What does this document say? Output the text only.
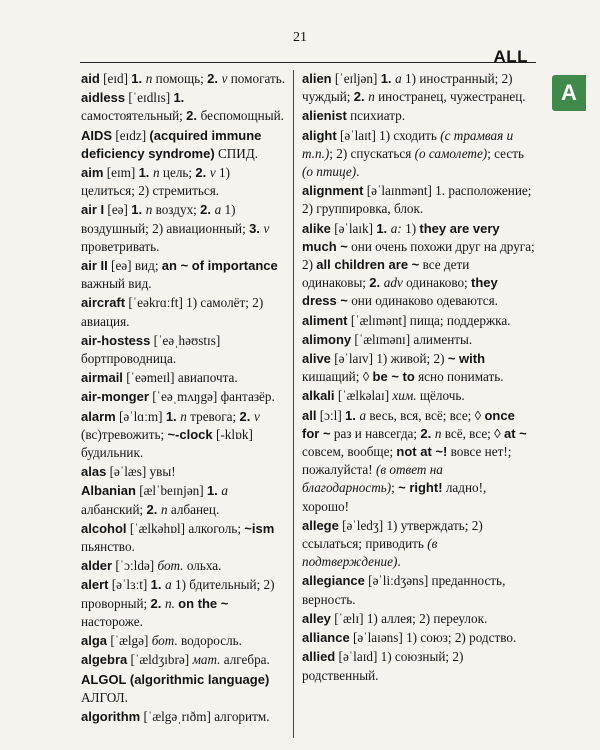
21
ALL
A
aid [eɪd] 1. n помощь; 2. v помогать.
aidless [ˈeɪdlɪs] 1. самостоятельный; 2. беспомощный.
AIDS [eɪdz] (acquired immune deficiency syndrome) СПИД.
aim [eɪm] 1. n цель; 2. v 1) целиться; 2) стремиться.
air I [eə] 1. n воздух; 2. a 1) воздушный; 2) авиационный; 3. v проветривать.
air II [eə] вид; an ~ of importance важный вид.
aircraft [ˈeəkrɑːft] 1) самолёт; 2) авиация.
air-hostess [ˈeəˌhəʊstɪs] бортпроводница.
airmail [ˈeəmeɪl] авиапочта.
air-monger [ˈeəˌmʌŋgə] фантазёр.
alarm [əˈlɑːm] 1. n тревога; 2. v (вс)тревожить; ~-clock [-klɒk] будильник.
alas [əˈlæs] увы!
Albanian [ælˈbeɪnjən] 1. a албанский; 2. n албанец.
alcohol [ˈælkəhɒl] алкоголь; ~ism пьянство.
alder [ˈɔːldə] бот. ольха.
alert [əˈlɜːt] 1. a 1) бдительный; 2) проворный; 2. n. on the ~ настороже.
alga [ˈælgə] бот. водоросль.
algebra [ˈældʒɪbrə] мат. алгебра.
ALGOL (algorithmic language) АЛГОЛ.
algorithm [ˈælgəˌrɪðm] алгоритм.
alien [ˈeɪljən] 1. a 1) иностранный; 2) чуждый; 2. n иностранец, чужестранец.
alienist психиатр.
alight [əˈlaɪt] 1) сходить (с трамвая и т.п.); 2) спускаться (о самолете); сесть (о птице).
alignment [əˈlaɪnmənt] 1. расположение; 2) группировка, блок.
alike [əˈlaɪk] 1. a: 1) they are very much ~ они очень похожи друг на друга; 2) all children are ~ все дети одинаковы; 2. adv одинаково; they dress ~ они одинаково одеваются.
aliment [ˈælɪmənt] пища; поддержка.
alimony [ˈælɪmənɪ] алименты.
alive [əˈlaɪv] 1) живой; 2) ~ with кишащий; ◊ be ~ to ясно понимать.
alkali [ˈælkəlaɪ] хим. щёлочь.
all [ɔːl] 1. a весь, вся, всё; все; ◊ once for ~ раз и навсегда; 2. n всё, все; ◊ at ~ совсем, вообще; not at ~! вовсе нет!; пожалуйста! (в ответ на благодарность); ~ right! ладно!, хорошо!
allege [əˈledʒ] 1) утверждать; 2) ссылаться; приводить (в подтверждение).
allegiance [əˈliːdʒəns] преданность, верность.
alley [ˈælɪ] 1) аллея; 2) переулок.
alliance [əˈlaɪəns] 1) союз; 2) родство.
allied [əˈlaɪd] 1) союзный; 2) родственный.
